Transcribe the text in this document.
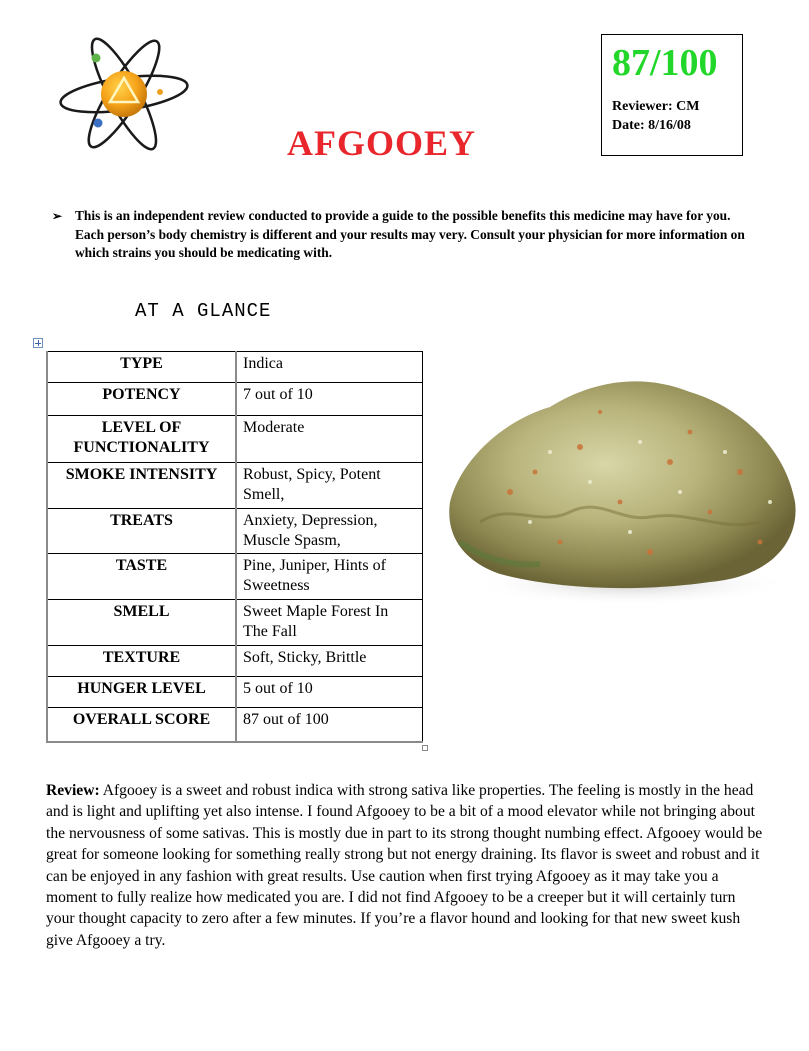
AFGOOEY
87/100
Reviewer: CM
Date: 8/16/08
➢ This is an independent review conducted to provide a guide to the possible benefits this medicine may have for you. Each person’s body chemistry is different and your results may very. Consult your physician for more information on which strains you should be medicating with.
AT A GLANCE
TYPE	Indica
POTENCY	7 out of 10
LEVEL OF FUNCTIONALITY	Moderate
SMOKE INTENSITY	Robust, Spicy, Potent Smell,
TREATS	Anxiety, Depression, Muscle Spasm,
TASTE	Pine, Juniper, Hints of Sweetness
SMELL	Sweet Maple Forest In The Fall
TEXTURE	Soft, Sticky, Brittle
HUNGER LEVEL	5 out of 10
OVERALL SCORE	87 out of 100
Review: Afgooey is a sweet and robust indica with strong sativa like properties. The feeling is mostly in the head and is light and uplifting yet also intense. I found Afgooey to be a bit of a mood elevator while not bringing about the nervousness of some sativas. This is mostly due in part to its strong thought numbing effect. Afgooey would be great for someone looking for something really strong but not energy draining. Its flavor is sweet and robust and it can be enjoyed in any fashion with great results. Use caution when first trying Afgooey as it may take you a moment to fully realize how medicated you are. I did not find Afgooey to be a creeper but it will certainly turn your thought capacity to zero after a few minutes. If you’re a flavor hound and looking for that new sweet kush give Afgooey a try.
